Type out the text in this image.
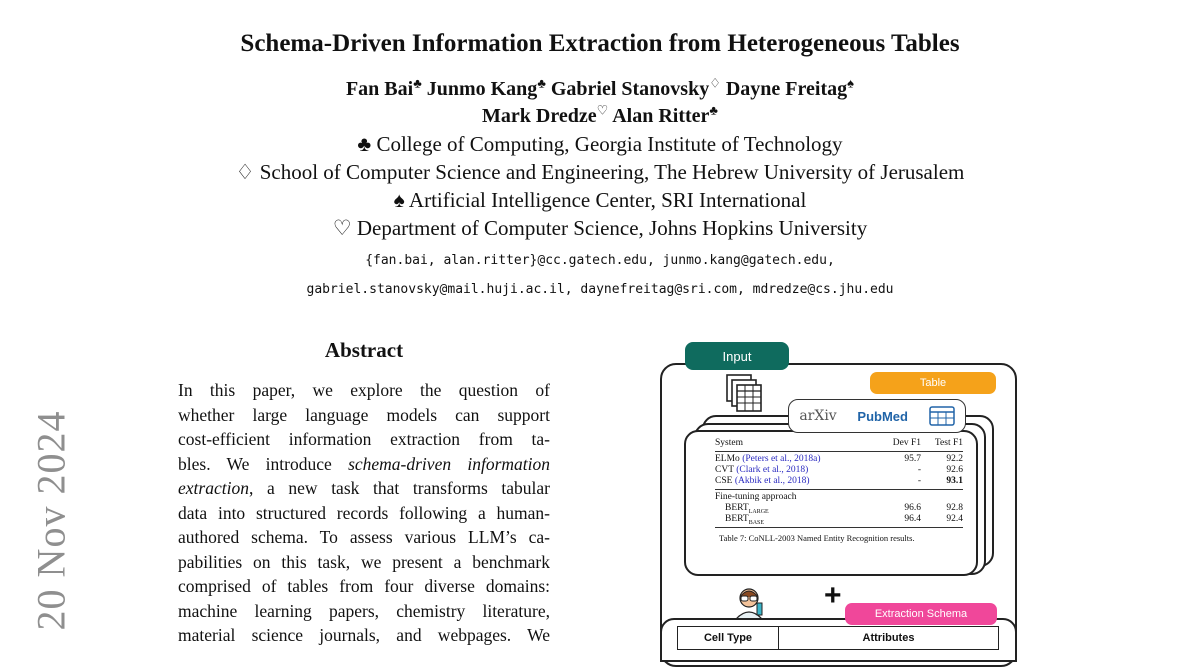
20 Nov 2024
Schema-Driven Information Extraction from Heterogeneous Tables
Fan Bai♣ Junmo Kang♣ Gabriel Stanovsky♢ Dayne Freitag♠
Mark Dredze♡ Alan Ritter♣
♣ College of Computing, Georgia Institute of Technology
♢ School of Computer Science and Engineering, The Hebrew University of Jerusalem
♠ Artificial Intelligence Center, SRI International
♡ Department of Computer Science, Johns Hopkins University
{fan.bai, alan.ritter}@cc.gatech.edu, junmo.kang@gatech.edu,
gabriel.stanovsky@mail.huji.ac.il, daynefreitag@sri.com, mdredze@cs.jhu.edu
Abstract
In this paper, we explore the question of
whether large language models can support
cost-efficient information extraction from ta-
bles. We introduce schema-driven information
extraction, a new task that transforms tabular
data into structured records following a human-
authored schema. To assess various LLM’s ca-
pabilities on this task, we present a benchmark
comprised of tables from four diverse domains:
machine learning papers, chemistry literature,
material science journals, and webpages. We
Input
Table
arXiv PubMed
System	Dev F1	Test F1
ELMo (Peters et al., 2018a)	95.7	92.2
CVT (Clark et al., 2018)	-	92.6
CSE (Akbik et al., 2018)	-	93.1
Fine-tuning approach
$BERT_{LARGE}$	96.6	92.8
$BERT_{BASE}$	96.4	92.4
Table 7: CoNLL-2003 Named Entity Recognition results.
+
Extraction Schema
Cell Type	Attributes
